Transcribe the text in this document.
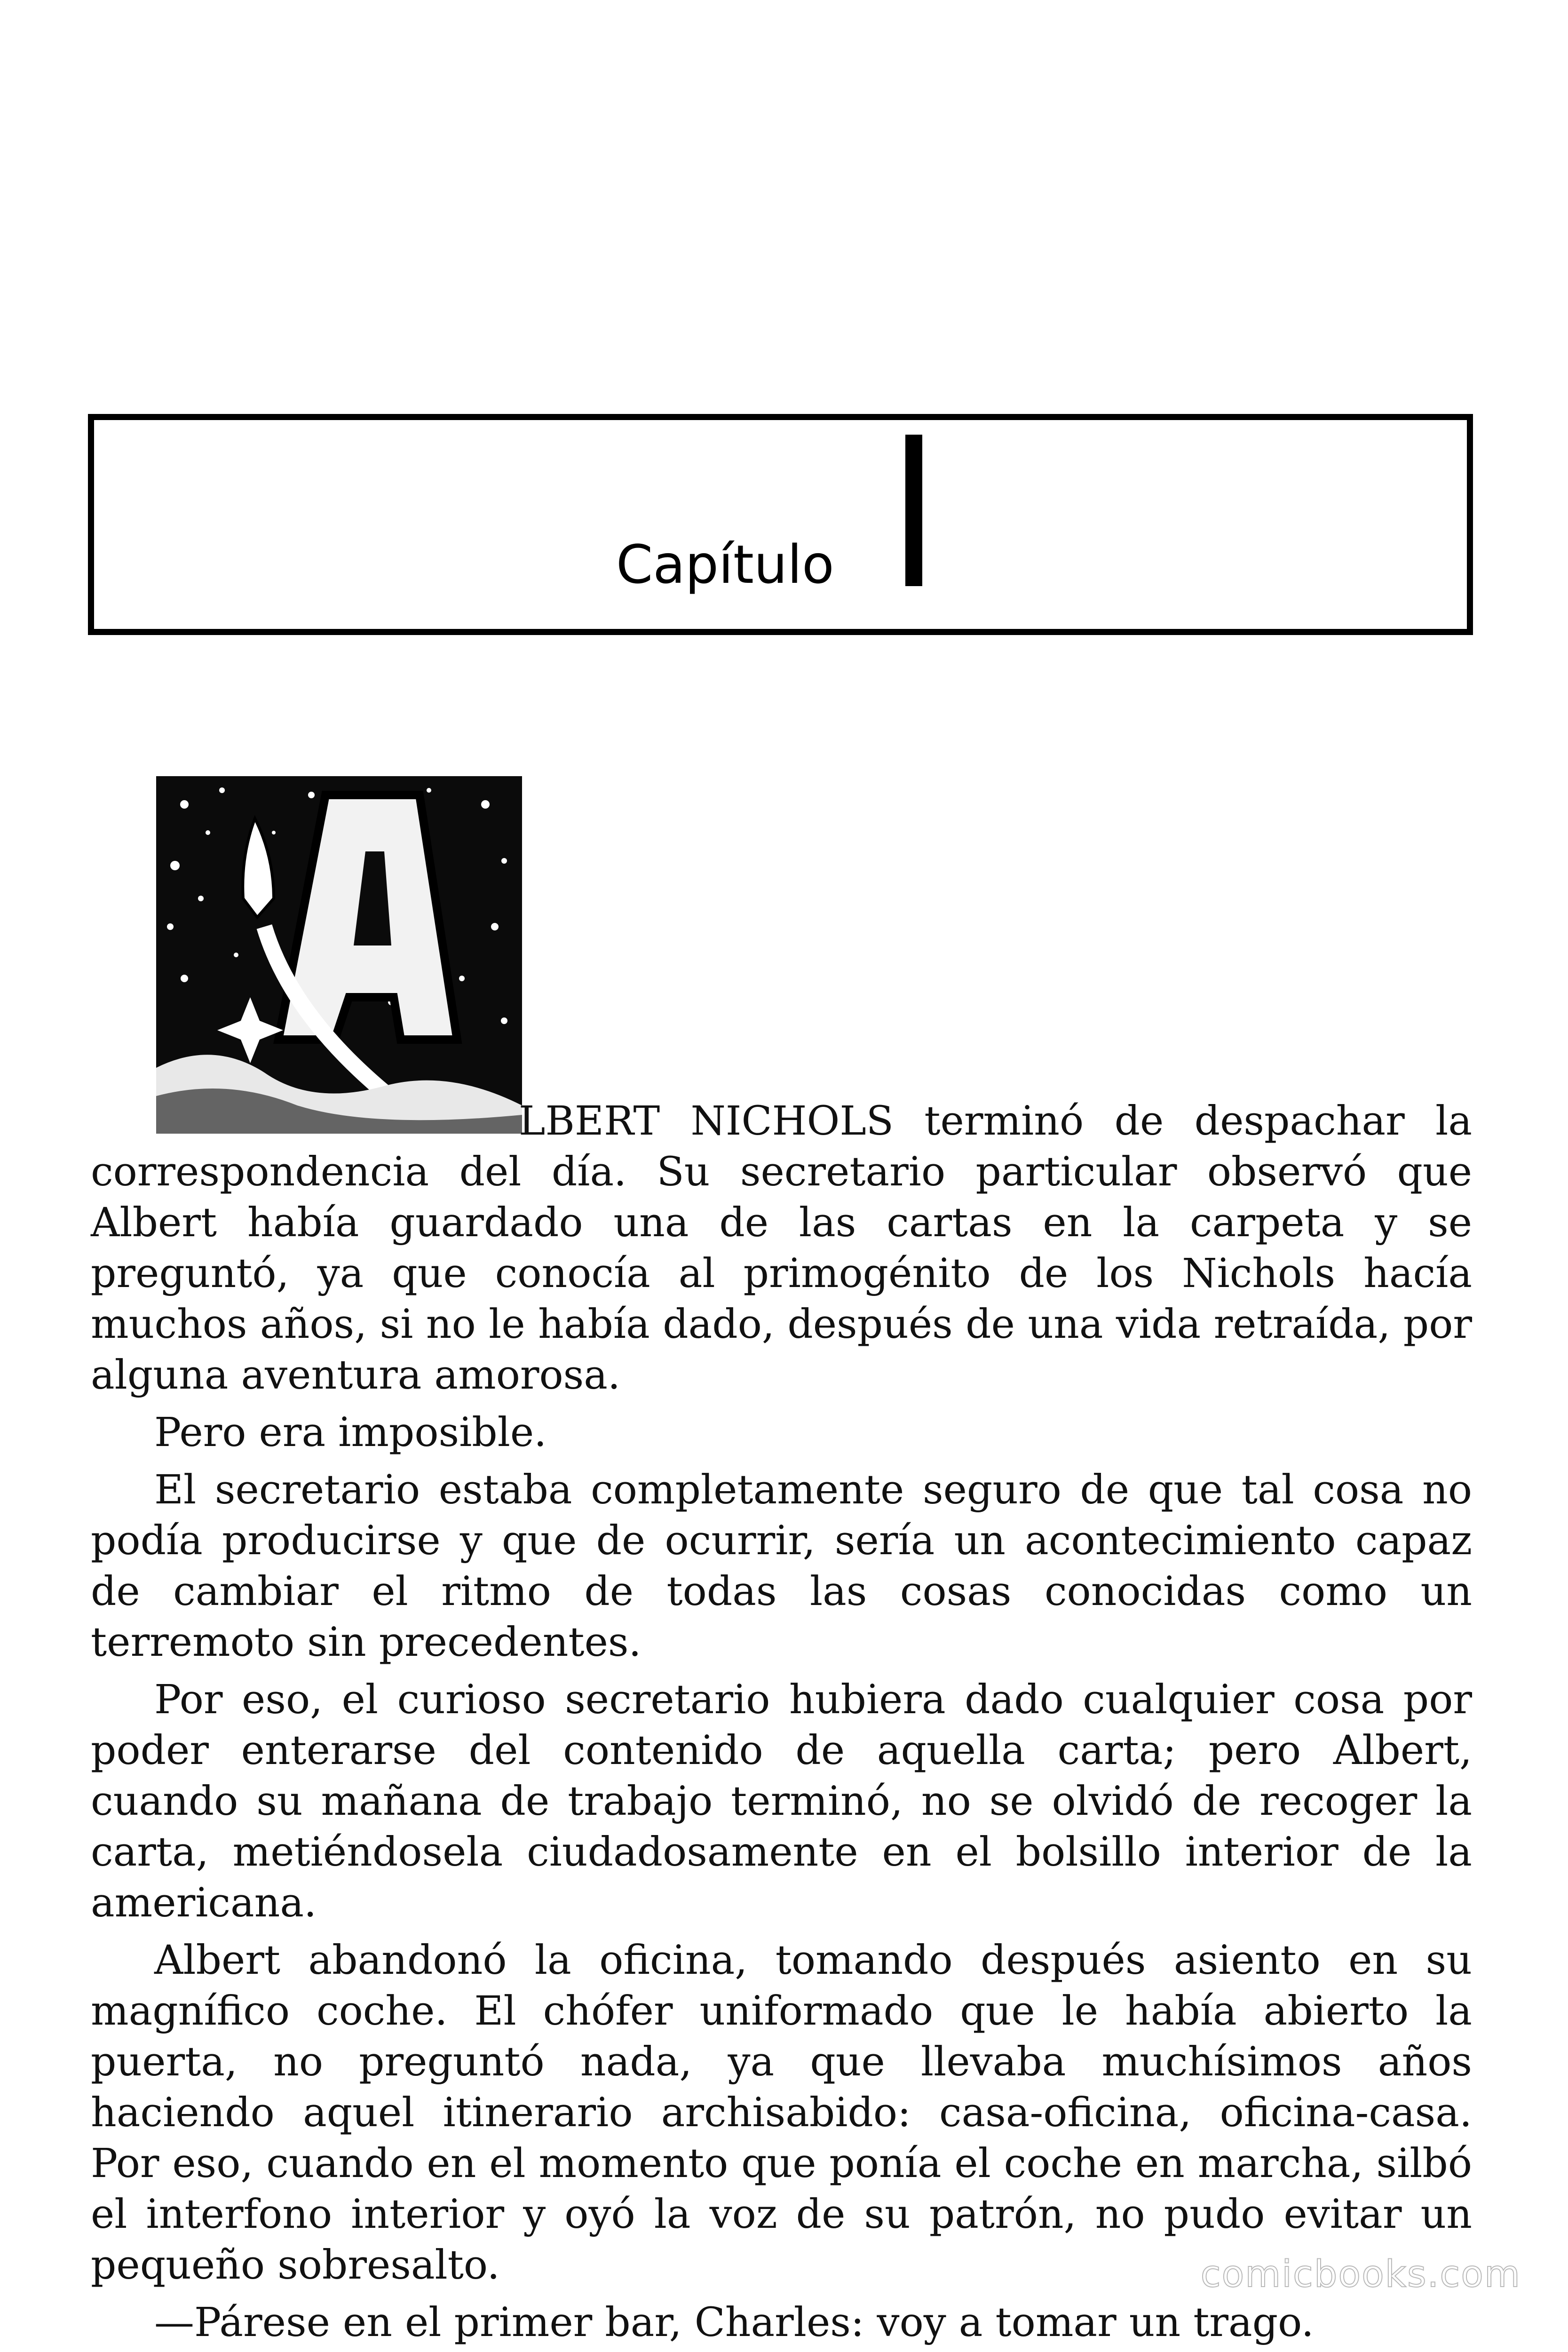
Capítulo

LBERT NICHOLS terminó de despachar la
correspondencia del día. Su secretario particular observó que Albert había guardado una de las cartas en la carpeta y se preguntó, ya que conocía al primogénito de los Nichols hacía muchos años, si no le había dado, después de una vida retraída, por alguna aventura amorosa.

Pero era imposible.

El secretario estaba completamente seguro de que tal cosa no podía producirse y que de ocurrir, sería un acontecimiento capaz de cambiar el ritmo de todas las cosas conocidas como un terremoto sin precedentes.

Por eso, el curioso secretario hubiera dado cualquier cosa por poder enterarse del contenido de aquella carta; pero Albert, cuando su mañana de trabajo terminó, no se olvidó de recoger la carta, metiéndosela ciudadosamente en el bolsillo interior de la americana.

Albert abandonó la oficina, tomando después asiento en su magnífico coche. El chófer uniformado que le había abierto la puerta, no preguntó nada, ya que llevaba muchísimos años haciendo aquel itinerario archisabido: casa-oficina, oficina-casa. Por eso, cuando en el momento que ponía el coche en marcha, silbó el interfono interior y oyó la voz de su patrón, no pudo evitar un pequeño sobresalto.

—Párese en el primer bar, Charles: voy a tomar un trago.

comicbooks.com
